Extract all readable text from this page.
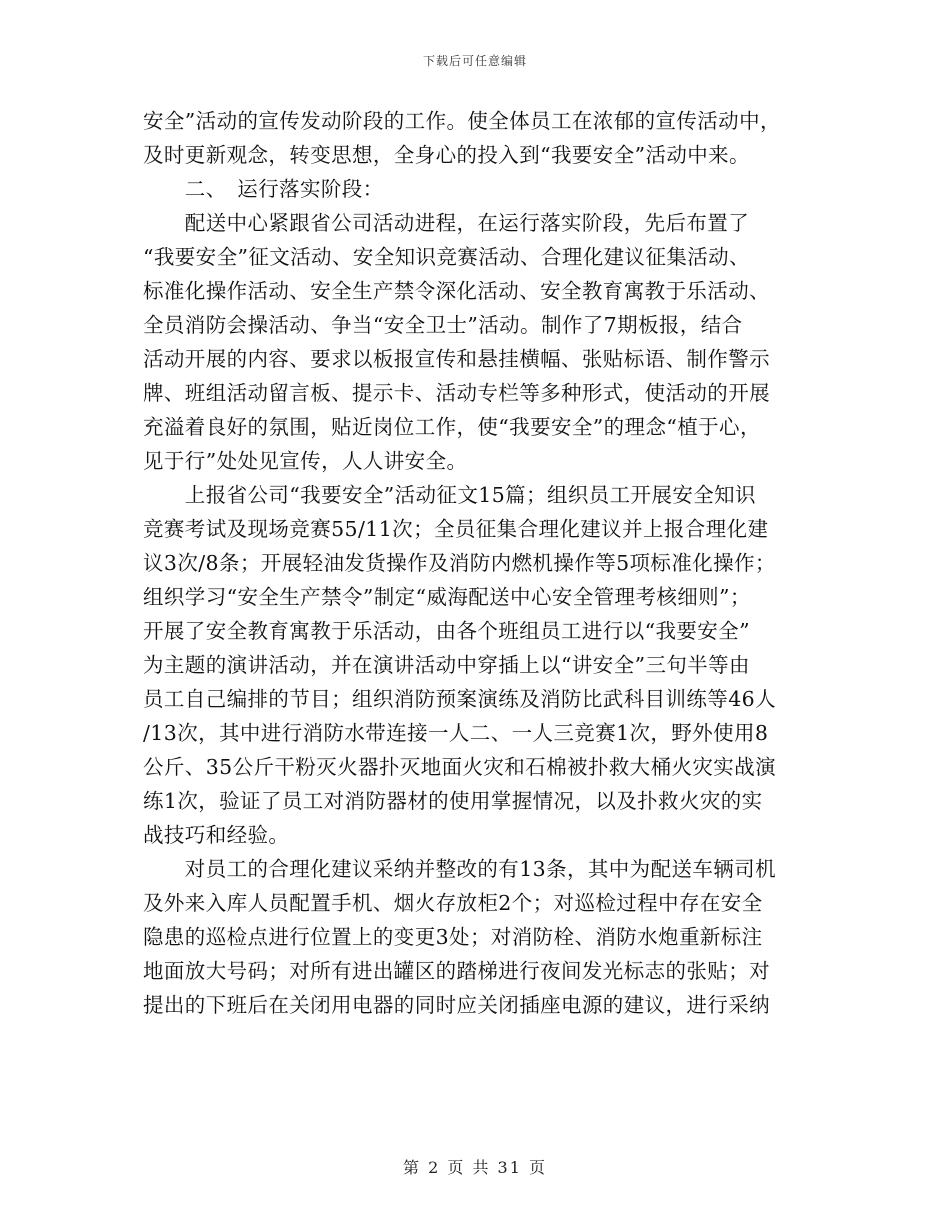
下载后可任意编辑
安全”活动的宣传发动阶段的工作。使全体员工在浓郁的宣传活动中，
及时更新观念，转变思想，全身心的投入到“我要安全”活动中来。
　　二、　运行落实阶段：
　　配送中心紧跟省公司活动进程，在运行落实阶段，先后布置了
“我要安全”征文活动、安全知识竞赛活动、合理化建议征集活动、
标准化操作活动、安全生产禁令深化活动、安全教育寓教于乐活动、
全员消防会操活动、争当“安全卫士”活动。制作了7期板报，结合
活动开展的内容、要求以板报宣传和悬挂横幅、张贴标语、制作警示
牌、班组活动留言板、提示卡、活动专栏等多种形式，使活动的开展
充溢着良好的氛围，贴近岗位工作，使“我要安全”的理念“植于心，
见于行”处处见宣传，人人讲安全。
　　上报省公司“我要安全”活动征文15篇；组织员工开展安全知识
竞赛考试及现场竞赛55/11次；全员征集合理化建议并上报合理化建
议3次/8条；开展轻油发货操作及消防内燃机操作等5项标准化操作；
组织学习“安全生产禁令”制定“威海配送中心安全管理考核细则”；
开展了安全教育寓教于乐活动，由各个班组员工进行以“我要安全”
为主题的演讲活动，并在演讲活动中穿插上以“讲安全”三句半等由
员工自己编排的节目；组织消防预案演练及消防比武科目训练等46人
/13次，其中进行消防水带连接一人二、一人三竞赛1次，野外使用8
公斤、35公斤干粉灭火器扑灭地面火灾和石棉被扑救大桶火灾实战演
练1次，验证了员工对消防器材的使用掌握情况，以及扑救火灾的实
战技巧和经验。
　　对员工的合理化建议采纳并整改的有13条，其中为配送车辆司机
及外来入库人员配置手机、烟火存放柜2个；对巡检过程中存在安全
隐患的巡检点进行位置上的变更3处；对消防栓、消防水炮重新标注
地面放大号码；对所有进出罐区的踏梯进行夜间发光标志的张贴；对
提出的下班后在关闭用电器的同时应关闭插座电源的建议，进行采纳
第 2 页 共 31 页
